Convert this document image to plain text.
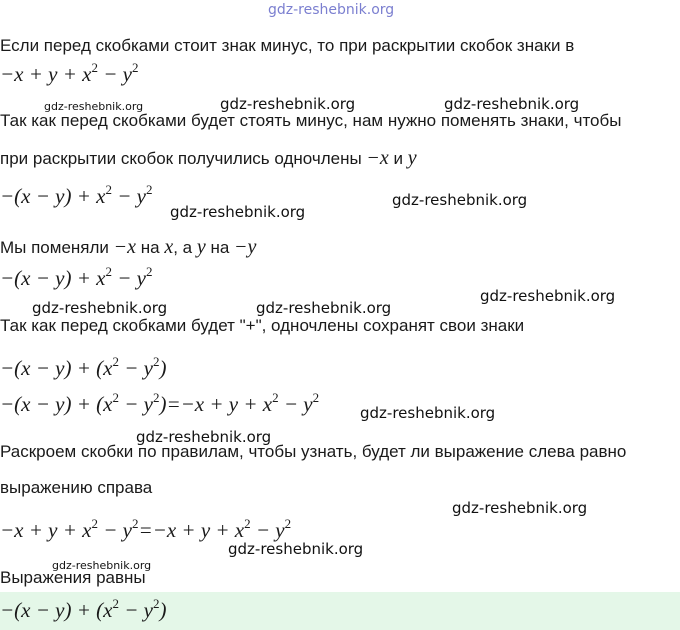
gdz-reshebnik.org
Если перед скобками стоит знак минус, то при раскрытии скобок знаки в
$-x + y + x^2 - y^2$
gdz-reshebnik.org	gdz-reshebnik.org	gdz-reshebnik.org
Так как перед скобками будет стоять минус, нам нужно поменять знаки, чтобы
при раскрытии скобок получились одночлены −x и y
$-(x - y) + x^2 - y^2$
gdz-reshebnik.org
gdz-reshebnik.org
Мы поменяли −x на x, а y на −y
$-(x - y) + x^2 - y^2$
gdz-reshebnik.org	gdz-reshebnik.org
gdz-reshebnik.org
Так как перед скобками будет "+", одночлены сохранят свои знаки
$-(x - y) + (x^2 - y^2)$
$-(x - y) + (x^2 - y^2)=-x + y + x^2 - y^2$
gdz-reshebnik.org
gdz-reshebnik.org
Раскроем скобки по правилам, чтобы узнать, будет ли выражение слева равно
выражению справа
gdz-reshebnik.org
$-x + y + x^2 - y^2=-x + y + x^2 - y^2$
gdz-reshebnik.org
gdz-reshebnik.org
Выражения равны
$-(x - y) + (x^2 - y^2)$
